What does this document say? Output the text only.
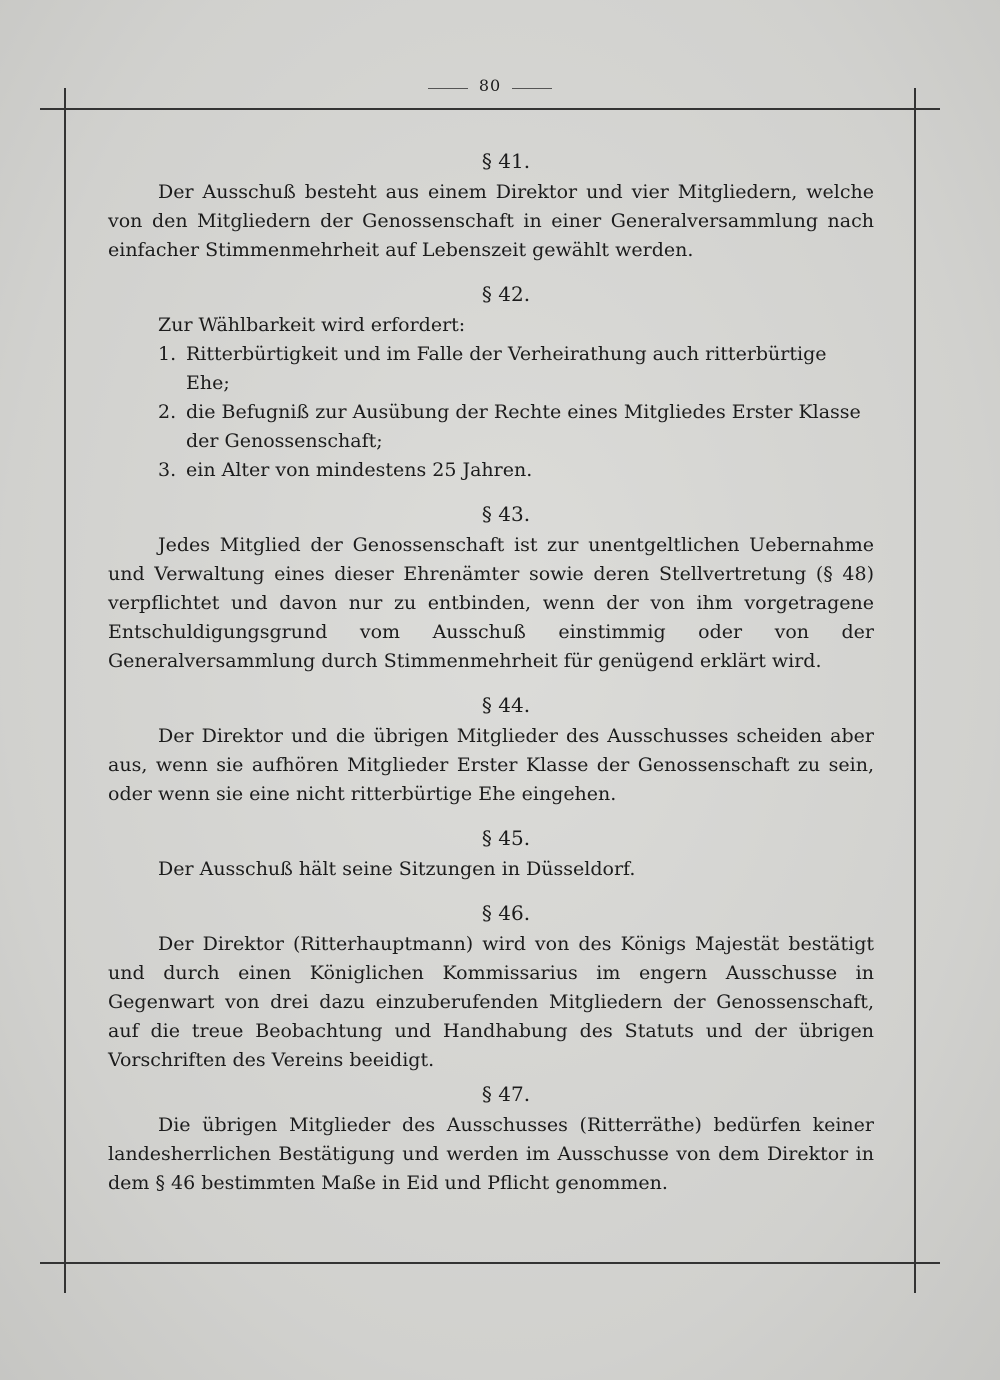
80
§ 41.

Der Ausschuß besteht aus einem Direktor und vier Mitgliedern, welche von den Mitgliedern der Genossenschaft in einer Generalversammlung nach einfacher Stimmenmehrheit auf Lebenszeit gewählt werden.

§ 42.
Zur Wählbarkeit wird erfordert:
1. Ritterbürtigkeit und im Falle der Verheirathung auch ritterbürtige Ehe;
2. die Befugniß zur Ausübung der Rechte eines Mitgliedes Erster Klasse der Genossenschaft;
3. ein Alter von mindestens 25 Jahren.
§ 43.

Jedes Mitglied der Genossenschaft ist zur unentgeltlichen Uebernahme und Verwaltung eines dieser Ehrenämter sowie deren Stellvertretung (§ 48) verpflichtet und davon nur zu entbinden, wenn der von ihm vorgetragene Entschuldigungsgrund vom Ausschuß einstimmig oder von der Generalversammlung durch Stimmenmehrheit für genügend erklärt wird.

§ 44.

Der Direktor und die übrigen Mitglieder des Ausschusses scheiden aber aus, wenn sie aufhören Mitglieder Erster Klasse der Genossenschaft zu sein, oder wenn sie eine nicht ritterbürtige Ehe eingehen.

§ 45.

Der Ausschuß hält seine Sitzungen in Düsseldorf.

§ 46.

Der Direktor (Ritterhauptmann) wird von des Königs Majestät bestätigt und durch einen Königlichen Kommissarius im engern Ausschusse in Gegenwart von drei dazu einzuberufenden Mitgliedern der Genossenschaft, auf die treue Beobachtung und Handhabung des Statuts und der übrigen Vorschriften des Vereins beeidigt.

§ 47.

Die übrigen Mitglieder des Ausschusses (Ritterräthe) bedürfen keiner landesherrlichen Bestätigung und werden im Ausschusse von dem Direktor in dem § 46 bestimmten Maße in Eid und Pflicht genommen.
